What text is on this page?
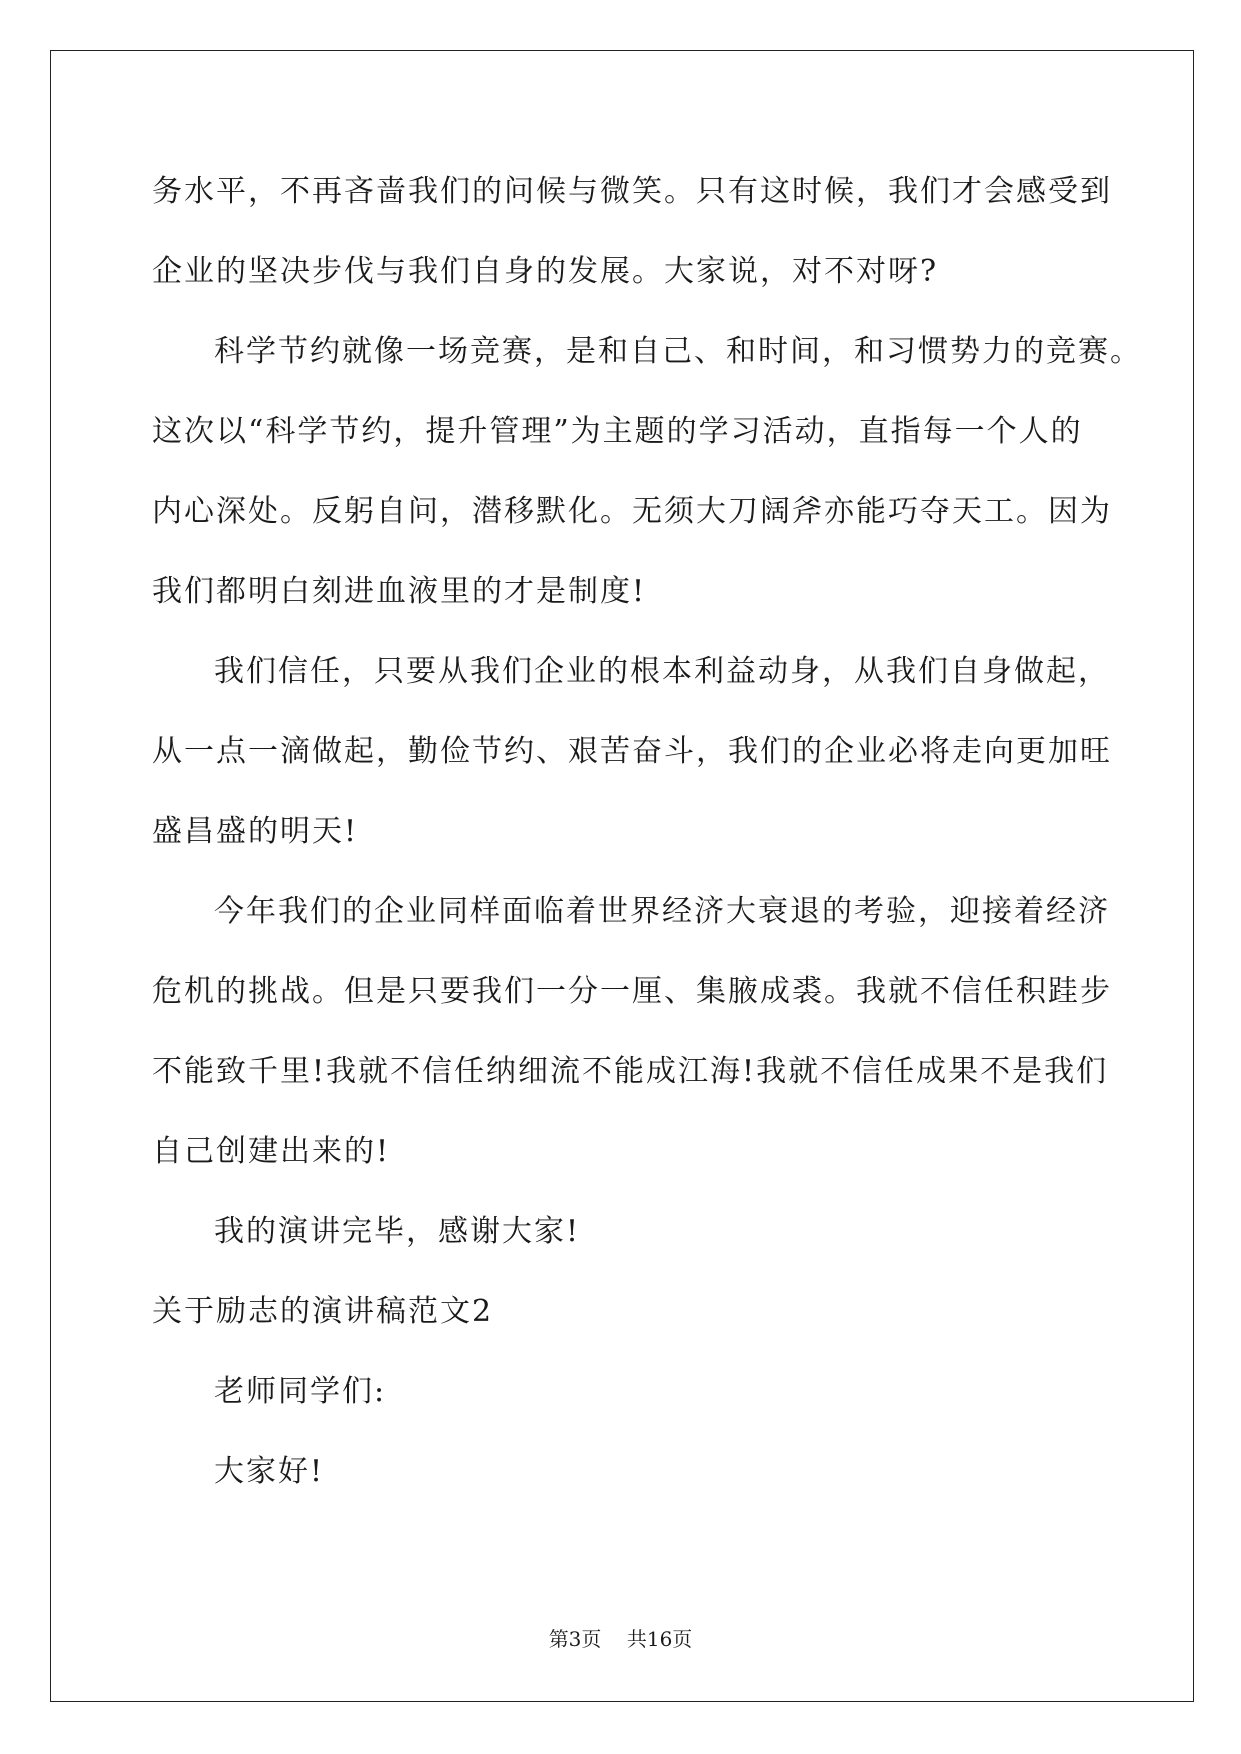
务水平，不再吝啬我们的问候与微笑。只有这时候，我们才会感受到
企业的坚决步伐与我们自身的发展。大家说，对不对呀?
科学节约就像一场竞赛，是和自己、和时间，和习惯势力的竞赛。
这次以“科学节约，提升管理”为主题的学习活动，直指每一个人的
内心深处。反躬自问，潜移默化。无须大刀阔斧亦能巧夺天工。因为
我们都明白刻进血液里的才是制度!
我们信任，只要从我们企业的根本利益动身，从我们自身做起，
从一点一滴做起，勤俭节约、艰苦奋斗，我们的企业必将走向更加旺
盛昌盛的明天!
今年我们的企业同样面临着世界经济大衰退的考验，迎接着经济
危机的挑战。但是只要我们一分一厘、集腋成裘。我就不信任积跬步
不能致千里!我就不信任纳细流不能成江海!我就不信任成果不是我们
自己创建出来的!
我的演讲完毕，感谢大家!
关于励志的演讲稿范文2
老师同学们:
大家好!
第3页    共16页
